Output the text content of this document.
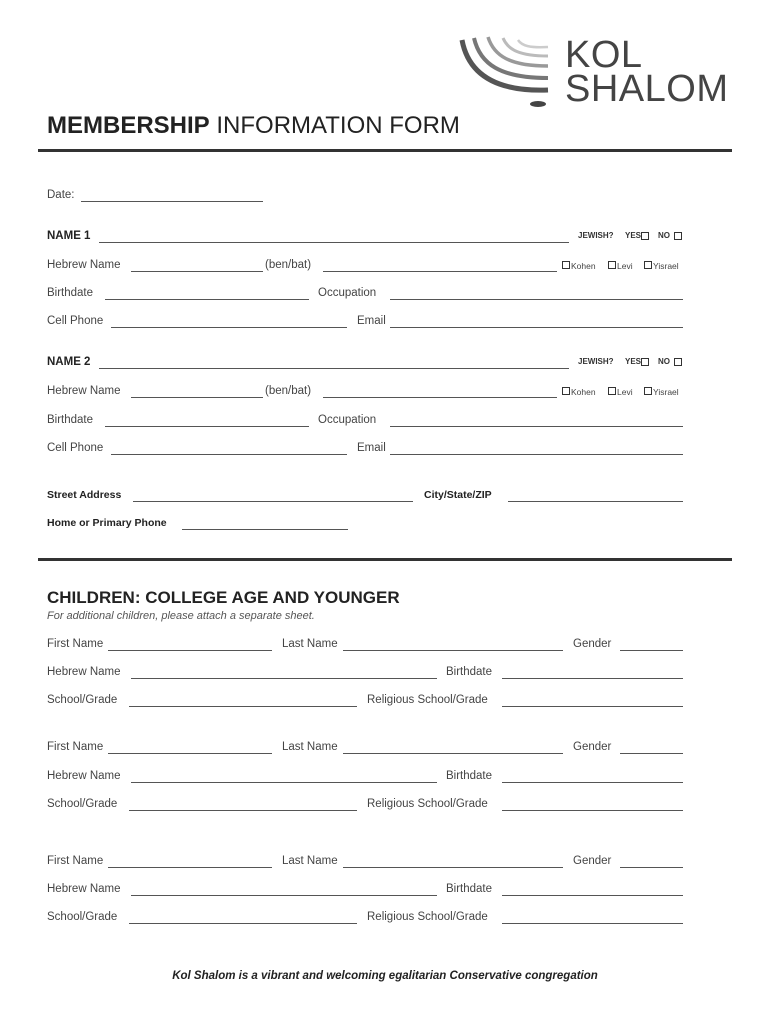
KOL
SHALOM
MEMBERSHIP INFORMATION FORM
Date:
NAME 1	JEWISH? YES NO
Hebrew Name	(ben/bat)	Kohen	Levi Yisrael
Birthdate	Occupation
Cell Phone	Email
NAME 2	JEWISH? YES NO
Hebrew Name	(ben/bat)	Kohen	Levi Yisrael
Birthdate	Occupation
Cell Phone	Email
Street Address	City/State/ZIP
Home or Primary Phone
CHILDREN: COLLEGE AGE AND YOUNGER
For additional children, please attach a separate sheet.
First Name	Last Name	Gender
Hebrew Name	Birthdate
School/Grade	Religious School/Grade
First Name	Last Name	Gender
Hebrew Name	Birthdate
School/Grade	Religious School/Grade
First Name	Last Name	Gender
Hebrew Name	Birthdate
School/Grade	Religious School/Grade
Kol Shalom is a vibrant and welcoming egalitarian Conservative congregation
